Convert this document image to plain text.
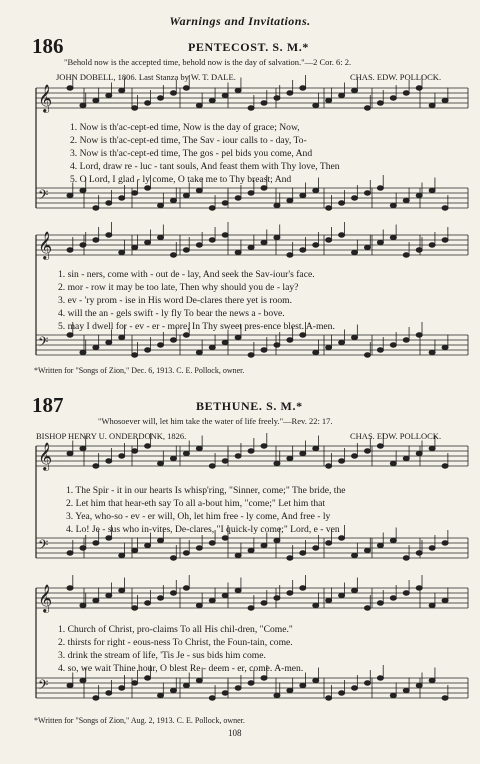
Warnings and Invitations.
186	PENTECOST. S. M.*
"Behold now is the accepted time, behold now is the day of salvation."—2 Cor. 6: 2.
JOHN DOBELL, 1806. Last Stanza by W. T. DALE.	CHAS. EDW. POLLOCK.
1. Now is th'ac-cept-ed time, Now is the day of grace; Now,
2. Now is th'ac-cept-ed time, The Sav - iour calls to - day, To-
3. Now is th'ac-cept-ed time, The gos - pel bids you come, And
4. Lord, draw re - luc - tant souls, And feast them with Thy love, Then
5. O Lord, I glad - ly come, O take me to Thy breast; And
1. sin - ners, come with - out de - lay, And seek the Sav-iour's face.
2. mor - row it may be too late, Then why should you de - lay?
3. ev - 'ry prom - ise in His word De-clares there yet is room.
4. will the an - gels swift - ly fly To bear the news a - bove.
5. may I dwell for - ev - er - more, In Thy sweet pres-ence blest. A-men.
*Written for "Songs of Zion," Dec. 6, 1913. C. E. Pollock, owner.
187	BETHUNE. S. M.*
"Whosoever will, let him take the water of life freely."—Rev. 22: 17.
BISHOP HENRY U. ONDERDONK, 1826.	CHAS. EDW. POLLOCK.
1. The Spir - it in our hearts Is whisp'ring, "Sinner, come;" The bride, the
2. Let him that hear-eth say To all a-bout him, "come;" Let him that
3. Yea, who-so - ev - er will, Oh, let him free - ly come, And free - ly
4. Lo! Je - sus who in-vites, De-clares, "I quick-ly come;" Lord, e - ven
1. Church of Christ, pro-claims To all His chil-dren, "Come."
2. thirsts for right - eous-ness To Christ, the Foun-tain, come.
3. drink the stream of life, 'Tis Je - sus bids him come.
4. so, we wait Thine hour, O blest Re - deem - er, come. A-men.
*Written for "Songs of Zion," Aug. 2, 1913. C. E. Pollock, owner.
108
𝄞
𝄢
𝄞
𝄢
𝄞
𝄢
𝄞
𝄢
